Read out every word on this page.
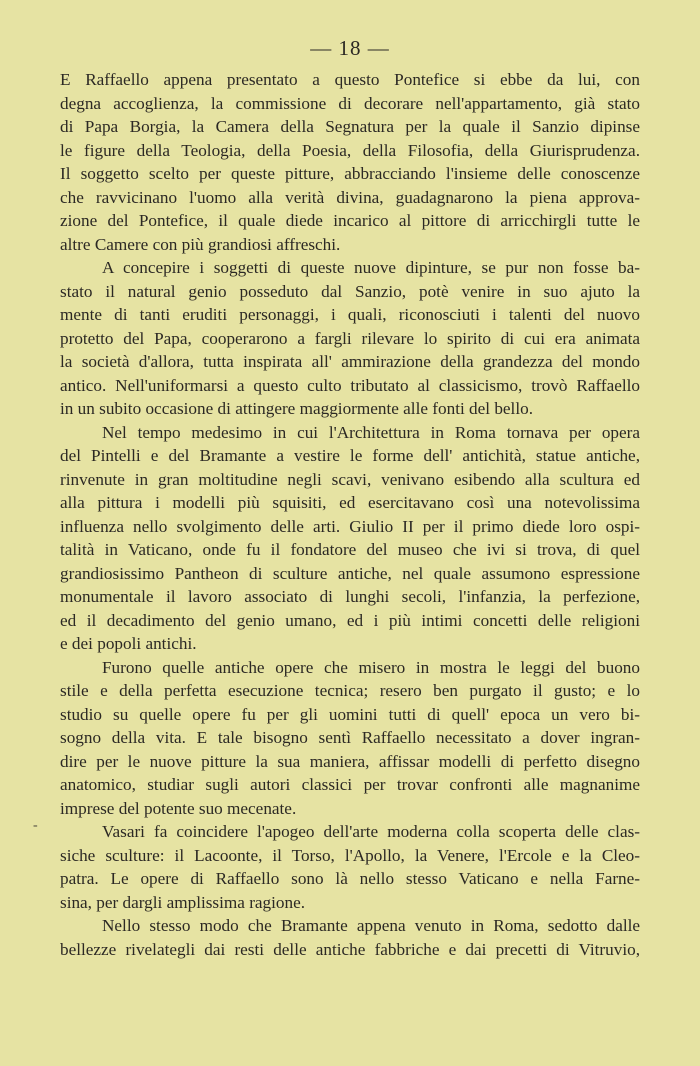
— 18 —
E Raffaello appena presentato a questo Pontefice si ebbe da lui, con
degna accoglienza, la commissione di decorare nell'appartamento, già stato
di Papa Borgia, la Camera della Segnatura per la quale il Sanzio dipinse
le figure della Teologia, della Poesia, della Filosofia, della Giurisprudenza.
Il soggetto scelto per queste pitture, abbracciando l'insieme delle conoscenze
che ravvicinano l'uomo alla verità divina, guadagnarono la piena approva-
zione del Pontefice, il quale diede incarico al pittore di arricchirgli tutte le
altre Camere con più grandiosi affreschi.
A concepire i soggetti di queste nuove dipinture, se pur non fosse ba-
stato il natural genio posseduto dal Sanzio, potè venire in suo ajuto la
mente di tanti eruditi personaggi, i quali, riconosciuti i talenti del nuovo
protetto del Papa, cooperarono a fargli rilevare lo spirito di cui era animata
la società d'allora, tutta inspirata all' ammirazione della grandezza del mondo
antico. Nell'uniformarsi a questo culto tributato al classicismo, trovò Raffaello
in un subito occasione di attingere maggiormente alle fonti del bello.
Nel tempo medesimo in cui l'Architettura in Roma tornava per opera
del Pintelli e del Bramante a vestire le forme dell' antichità, statue antiche,
rinvenute in gran moltitudine negli scavi, venivano esibendo alla scultura ed
alla pittura i modelli più squisiti, ed esercitavano così una notevolissima
influenza nello svolgimento delle arti. Giulio II per il primo diede loro ospi-
talità in Vaticano, onde fu il fondatore del museo che ivi si trova, di quel
grandiosissimo Pantheon di sculture antiche, nel quale assumono espressione
monumentale il lavoro associato di lunghi secoli, l'infanzia, la perfezione,
ed il decadimento del genio umano, ed i più intimi concetti delle religioni
e dei popoli antichi.
Furono quelle antiche opere che misero in mostra le leggi del buono
stile e della perfetta esecuzione tecnica; resero ben purgato il gusto; e lo
studio su quelle opere fu per gli uomini tutti di quell' epoca un vero bi-
sogno della vita. E tale bisogno sentì Raffaello necessitato a dover ingran-
dire per le nuove pitture la sua maniera, affissar modelli di perfetto disegno
anatomico, studiar sugli autori classici per trovar confronti alle magnanime
imprese del potente suo mecenate.
Vasari fa coincidere l'apogeo dell'arte moderna colla scoperta delle clas-
siche sculture: il Lacoonte, il Torso, l'Apollo, la Venere, l'Ercole e la Cleo-
patra. Le opere di Raffaello sono là nello stesso Vaticano e nella Farne-
sina, per dargli amplissima ragione.
Nello stesso modo che Bramante appena venuto in Roma, sedotto dalle
bellezze rivelategli dai resti delle antiche fabbriche e dai precetti di Vitruvio,
-
